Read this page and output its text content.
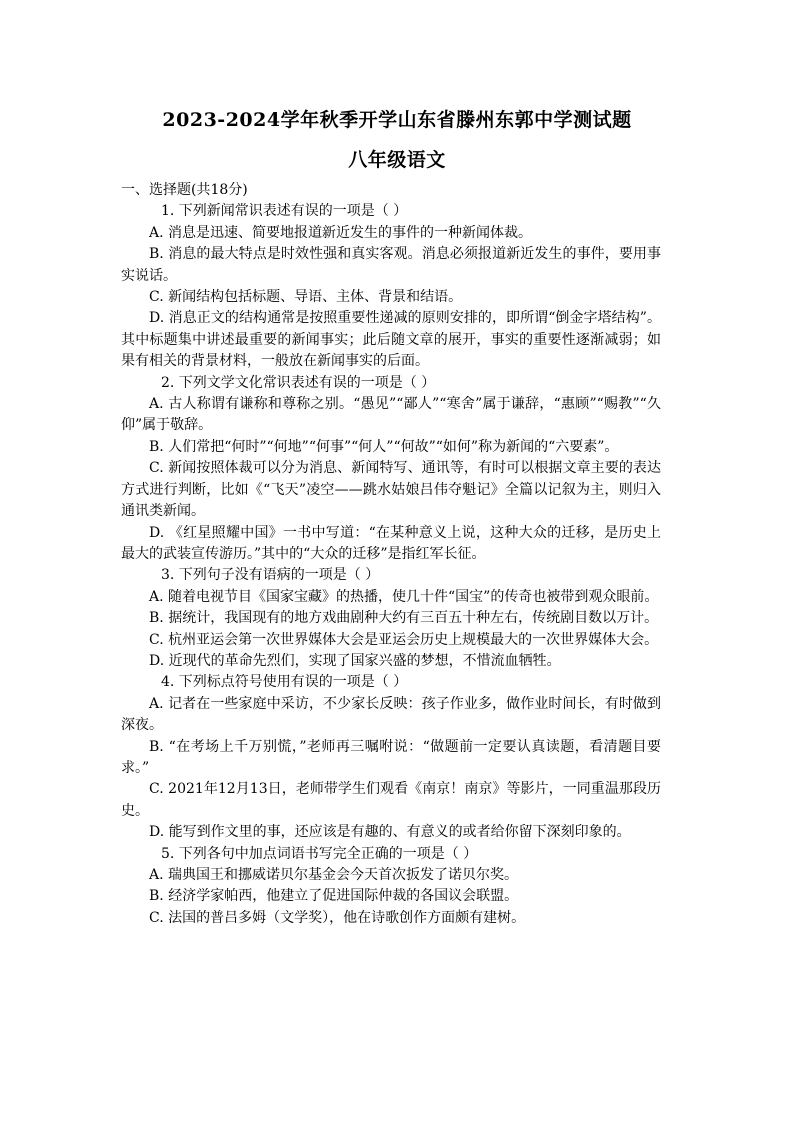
2023-2024学年秋季开学山东省滕州东郭中学测试题
八年级语文

一、选择题(共18分)

1. 下列新闻常识表述有误的一项是（ ）

A. 消息是迅速、简要地报道新近发生的事件的一种新闻体裁。

B. 消息的最大特点是时效性强和真实客观。消息必须报道新近发生的事件，要用事实说话。

C. 新闻结构包括标题、导语、主体、背景和结语。

D. 消息正文的结构通常是按照重要性递减的原则安排的，即所谓“倒金字塔结构”。其中标题集中讲述最重要的新闻事实；此后随文章的展开，事实的重要性逐渐减弱；如果有相关的背景材料，一般放在新闻事实的后面。

2. 下列文学文化常识表述有误的一项是（ ）

A. 古人称谓有谦称和尊称之别。“愚见”“鄙人”“寒舍”属于谦辞，“惠顾”“赐教”“久仰”属于敬辞。

B. 人们常把“何时”“何地”“何事”“何人”“何故”“如何”称为新闻的“六要素”。

C. 新闻按照体裁可以分为消息、新闻特写、通讯等，有时可以根据文章主要的表达方式进行判断，比如《“飞天”凌空——跳水姑娘吕伟夺魁记》全篇以记叙为主，则归入通讯类新闻。

D. 《红星照耀中国》一书中写道：“在某种意义上说，这种大众的迁移，是历史上最大的武装宣传游历。”其中的“大众的迁移”是指红军长征。

3. 下列句子没有语病的一项是（ ）

A. 随着电视节目《国家宝藏》的热播，使几十件“国宝”的传奇也被带到观众眼前。

B. 据统计，我国现有的地方戏曲剧种大约有三百五十种左右，传统剧目数以万计。

C. 杭州亚运会第一次世界媒体大会是亚运会历史上规模最大的一次世界媒体大会。

D. 近现代的革命先烈们，实现了国家兴盛的梦想，不惜流血牺牲。

4. 下列标点符号使用有误的一项是（ ）

A. 记者在一些家庭中采访，不少家长反映：孩子作业多，做作业时间长，有时做到深夜。

B. “在考场上千万别慌，”老师再三嘱咐说：“做题前一定要认真读题，看清题目要求。”

C. 2021年12月13日，老师带学生们观看《南京！南京》等影片，一同重温那段历史。

D. 能写到作文里的事，还应该是有趣的、有意义的或者给你留下深刻印象的。

5. 下列各句中加点词语书写完全正确的一项是（ ）

A. 瑞典国王和挪威诺贝尔基金会今天首次扳发了诺贝尔奖。

B. 经济学家帕西，他建立了促进国际仲裁的各国议会联盟。

C. 法国的普吕多姆（文学奖），他在诗歌创作方面颇有建树。
